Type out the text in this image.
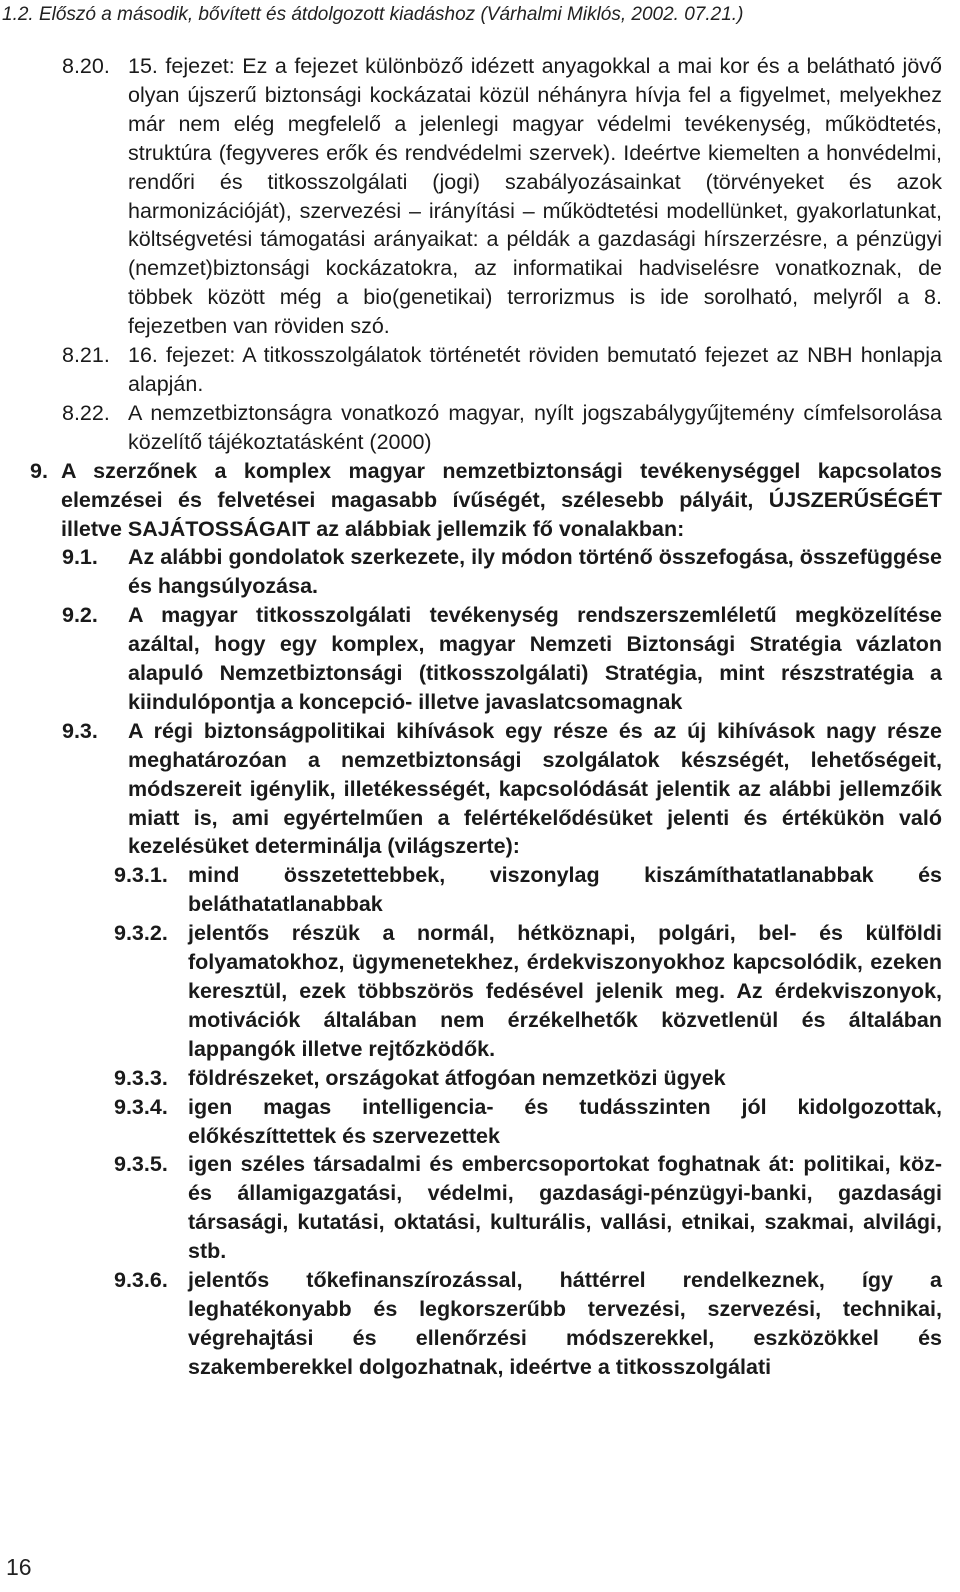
1.2. Előszó a második, bővített és átdolgozott kiadáshoz (Várhalmi Miklós, 2002. 07.21.)
8.20. 15. fejezet: Ez a fejezet különböző idézett anyagokkal a mai kor és a belátható jövő olyan újszerű biztonsági kockázatai közül néhányra hívja fel a figyelmet, melyekhez már nem elég megfelelő a jelenlegi magyar védelmi tevékenység, működtetés, struktúra (fegyveres erők és rendvédelmi szervek). Ideértve kiemelten a honvédelmi, rendőri és titkosszolgálati (jogi) szabályozásainkat (törvényeket és azok harmonizációját), szervezési – irányítási – működtetési modellünket, gyakorlatunkat, költségvetési támogatási arányaikat: a példák a gazdasági hírszerzésre, a pénzügyi (nemzet)biztonsági kockázatokra, az informatikai hadviselésre vonatkoznak, de többek között még a bio(genetikai) terrorizmus is ide sorolható, melyről a 8. fejezetben van röviden szó.
8.21. 16. fejezet: A titkosszolgálatok történetét röviden bemutató fejezet az NBH honlapja alapján.
8.22. A nemzetbiztonságra vonatkozó magyar, nyílt jogszabálygyűjtemény címfelsorolása közelítő tájékoztatásként (2000)
9. A szerzőnek a komplex magyar nemzetbiztonsági tevékenységgel kapcsolatos elemzései és felvetései magasabb ívűségét, szélesebb pályáit, ÚJSZERŰSÉGÉT illetve SAJÁTOSSÁGAIT az alábbiak jellemzik fő vonalakban:
9.1.	Az alábbi gondolatok szerkezete, ily módon történő összefogása, összefüggése és hangsúlyozása.
9.2.	A magyar titkosszolgálati tevékenység rendszerszemléletű megközelítése azáltal, hogy egy komplex, magyar Nemzeti Biztonsági Stratégia vázlaton alapuló Nemzetbiztonsági (titkosszolgálati) Stratégia, mint részstratégia a kiindulópontja a koncepció- illetve javaslatcsomagnak
9.3.	A régi biztonságpolitikai kihívások egy része és az új kihívások nagy része meghatározóan a nemzetbiztonsági szolgálatok készségét, lehetőségeit, módszereit igénylik, illetékességét, kapcsolódását jelentik az alábbi jellemzőik miatt is, ami egyértelműen a felértékelődésüket jelenti és értékükön való kezelésüket determinálja (világszerte):
9.3.1. mind összetettebbek, viszonylag kiszámíthatatlanabbak és beláthatatlanabbak
9.3.2. jelentős részük a normál, hétköznapi, polgári, bel- és külföldi folyamatokhoz, ügymenetekhez, érdekviszonyokhoz kapcsolódik, ezeken keresztül, ezek többszörös fedésével jelenik meg. Az érdekviszonyok, motivációk általában nem érzékelhetők közvetlenül és általában lappangók illetve rejtőzködők.
9.3.3. földrészeket, országokat átfogóan nemzetközi ügyek
9.3.4. igen magas intelligencia- és tudásszinten jól kidolgozottak, előkészíttettek és szervezettek
9.3.5. igen széles társadalmi és embercsoportokat foghatnak át: politikai, köz- és államigazgatási, védelmi, gazdasági-pénzügyi-banki, gazdasági társasági, kutatási, oktatási, kulturális, vallási, etnikai, szakmai, alvilági, stb.
9.3.6. jelentős tőkefinanszírozással, háttérrel rendelkeznek, így a leghatékonyabb és legkorszerűbb tervezési, szervezési, technikai, végrehajtási és ellenőrzési módszerekkel, eszközökkel és szakemberekkel dolgozhatnak, ideértve a titkosszolgálati
16
